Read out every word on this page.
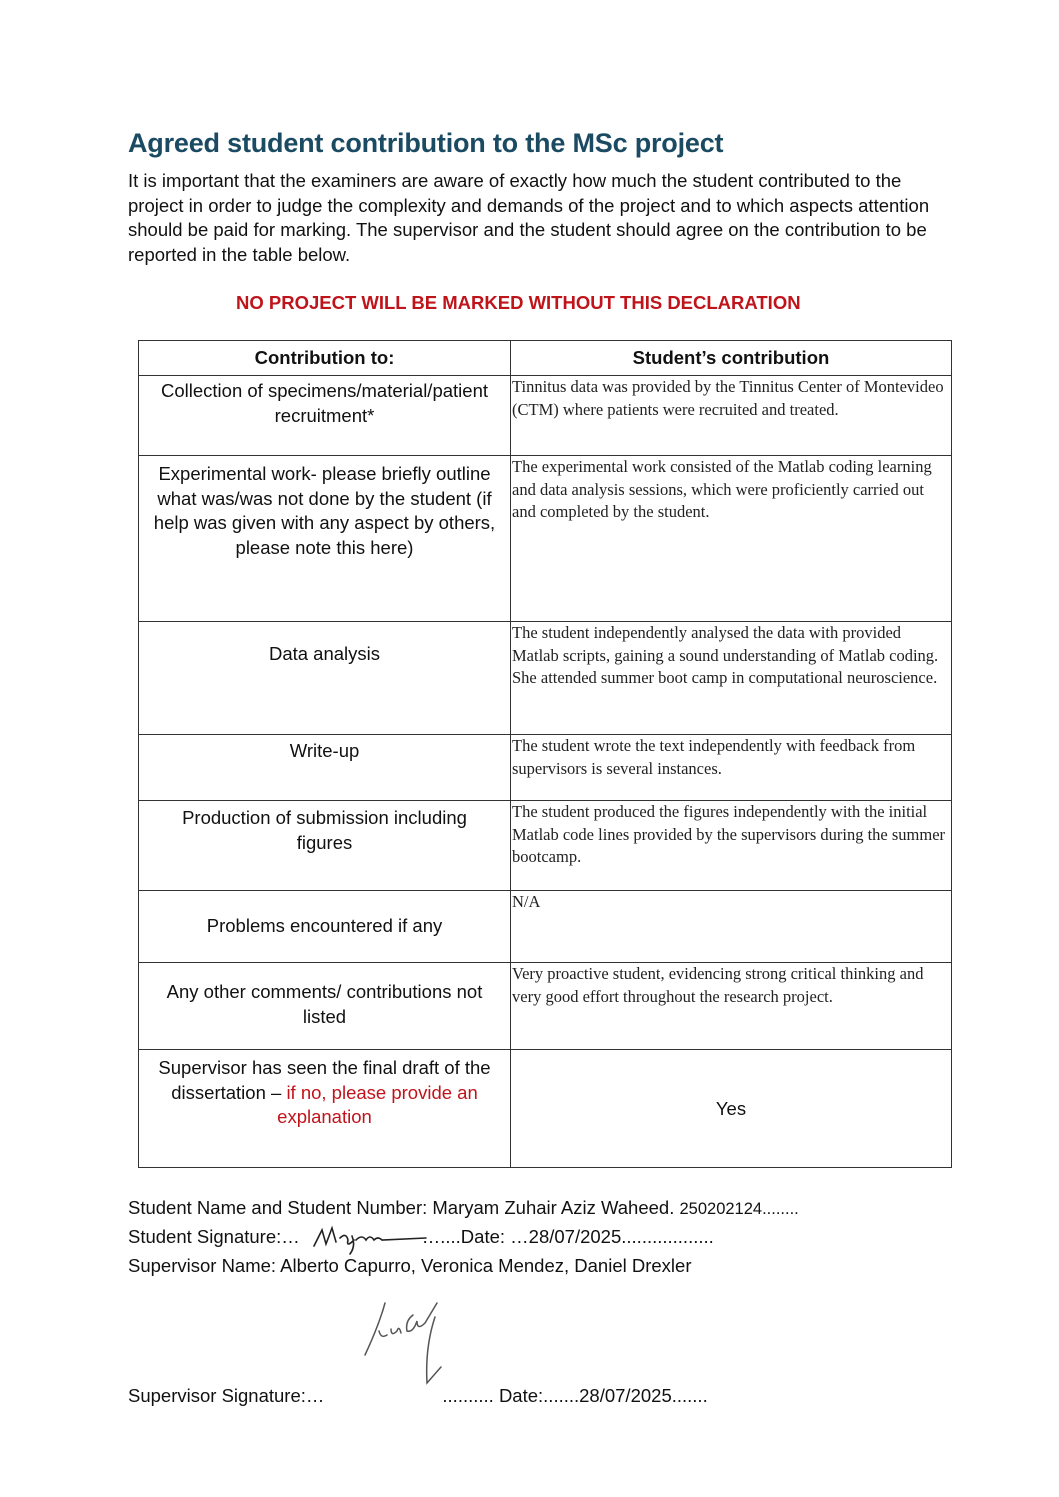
Agreed student contribution to the MSc project

It is important that the examiners are aware of exactly how much the student contributed to the project in order to judge the complexity and demands of the project and to which aspects attention should be paid for marking. The supervisor and the student should agree on the contribution to be reported in the table below.

NO PROJECT WILL BE MARKED WITHOUT THIS DECLARATION

Contribution to:	Student’s contribution

Collection of specimens/material/patient recruitment*	Tinnitus data was provided by the Tinnitus Center of Montevideo (CTM) where patients were recruited and treated.

Experimental work- please briefly outline what was/was not done by the student (if help was given with any aspect by others, please note this here)	The experimental work consisted of the Matlab coding learning and data analysis sessions, which were proficiently carried out and completed by the student.

Data analysis	The student independently analysed the data with provided Matlab scripts, gaining a sound understanding of Matlab coding. She attended summer boot camp in computational neuroscience.

Write-up	The student wrote the text independently with feedback from supervisors is several instances.

Production of submission including figures	The student produced the figures independently with the initial Matlab code lines provided by the supervisors during the summer bootcamp.

Problems encountered if any	N/A

Any other comments/ contributions not listed	Very proactive student, evidencing strong critical thinking and very good effort throughout the research project.

Supervisor has seen the final draft of the dissertation – if no, please provide an explanation	Yes

Student Name and Student Number: Maryam Zuhair Aziz Waheed. 250202124........

Student Signature:…	…....Date: …28/07/2025..................

Supervisor Name: Alberto Capurro, Veronica Mendez, Daniel Drexler

Supervisor Signature:…	.......... Date:.......28/07/2025.......
